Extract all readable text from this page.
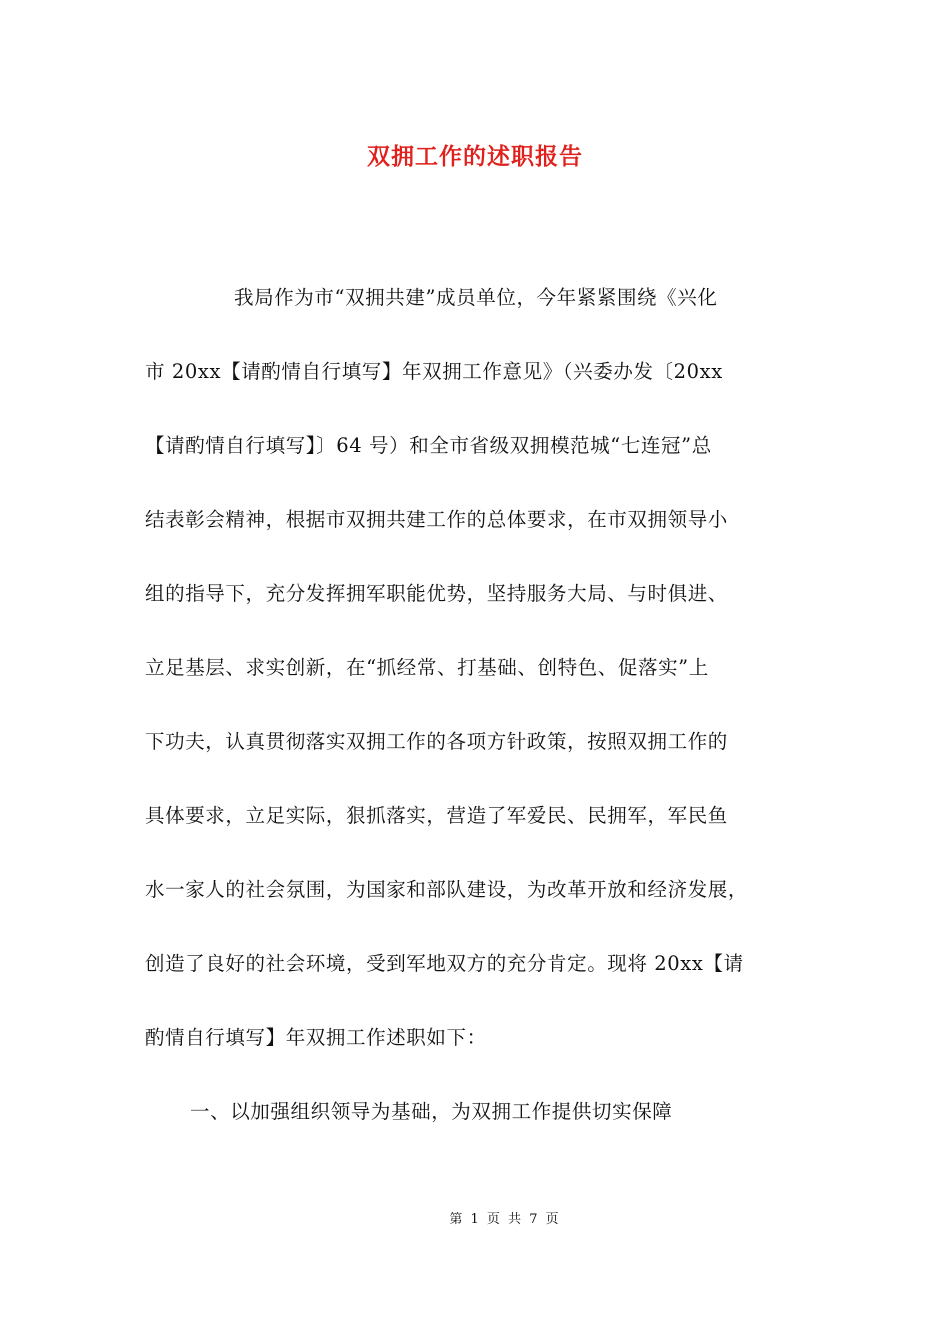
双拥工作的述职报告
我局作为市“双拥共建”成员单位，今年紧紧围绕《兴化
市 20xx【请酌情自行填写】年双拥工作意见》（兴委办发〔20xx
【请酌情自行填写】〕64 号）和全市省级双拥模范城“七连冠”总
结表彰会精神，根据市双拥共建工作的总体要求，在市双拥领导小
组的指导下，充分发挥拥军职能优势，坚持服务大局、与时俱进、
立足基层、求实创新，在“抓经常、打基础、创特色、促落实”上
下功夫，认真贯彻落实双拥工作的各项方针政策，按照双拥工作的
具体要求，立足实际，狠抓落实，营造了军爱民、民拥军，军民鱼
水一家人的社会氛围，为国家和部队建设，为改革开放和经济发展，
创造了良好的社会环境，受到军地双方的充分肯定。现将 20xx【请
酌情自行填写】年双拥工作述职如下：
一、以加强组织领导为基础，为双拥工作提供切实保障
第 1 页 共 7 页
